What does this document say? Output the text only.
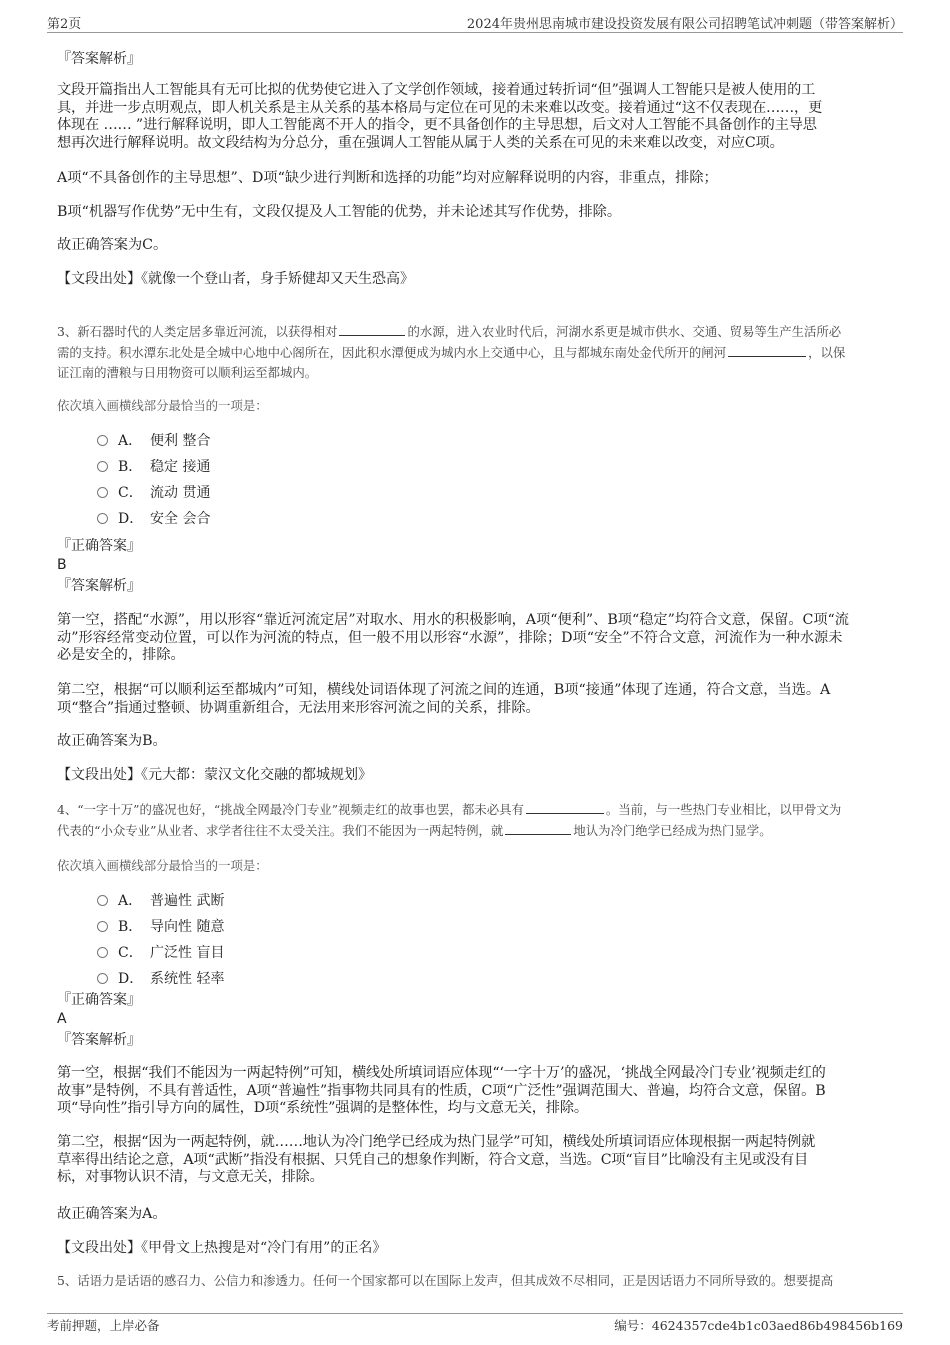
第2页	2024年贵州思南城市建设投资发展有限公司招聘笔试冲刺题（带答案解析）
『答案解析』
文段开篇指出人工智能具有无可比拟的优势使它进入了文学创作领域，接着通过转折词“但”强调人工智能只是被人使用的工
具，并进一步点明观点，即人机关系是主从关系的基本格局与定位在可见的未来难以改变。接着通过“这不仅表现在……，更
体现在 …… ”进行解释说明，即人工智能离不开人的指令，更不具备创作的主导思想，后文对人工智能不具备创作的主导思
想再次进行解释说明。故文段结构为分总分，重在强调人工智能从属于人类的关系在可见的未来难以改变，对应C项。
A项“不具备创作的主导思想”、D项“缺少进行判断和选择的功能”均对应解释说明的内容，非重点，排除；
B项“机器写作优势”无中生有，文段仅提及人工智能的优势，并未论述其写作优势，排除。
故正确答案为C。
【文段出处】《就像一个登山者，身手矫健却又天生恐高》
3、新石器时代的人类定居多靠近河流，以获得相对	的水源，进入农业时代后，河湖水系更是城市供水、交通、贸易等生产生活所必
需的支持。积水潭东北处是全城中心地中心阁所在，因此积水潭便成为城内水上交通中心，且与都城东南处金代所开的闸河	，以保
证江南的漕粮与日用物资可以顺利运至都城内。
依次填入画横线部分最恰当的一项是：
A． 便利 整合
B． 稳定 接通
C． 流动 贯通
D． 安全 会合
『正确答案』
B
『答案解析』
第一空，搭配“水源”，用以形容“靠近河流定居”对取水、用水的积极影响，A项“便利”、B项“稳定”均符合文意，保留。C项“流
动”形容经常变动位置，可以作为河流的特点，但一般不用以形容“水源”，排除；D项“安全”不符合文意，河流作为一种水源未
必是安全的，排除。
第二空，根据“可以顺利运至都城内”可知，横线处词语体现了河流之间的连通，B项“接通”体现了连通，符合文意，当选。A
项“整合”指通过整顿、协调重新组合，无法用来形容河流之间的关系，排除。
故正确答案为B。
【文段出处】《元大都：蒙汉文化交融的都城规划》
4、“一字十万”的盛况也好，“挑战全网最冷门专业”视频走红的故事也罢，都未必具有	。当前，与一些热门专业相比，以甲骨文为
代表的“小众专业”从业者、求学者往往不太受关注。我们不能因为一两起特例，就	地认为冷门绝学已经成为热门显学。
依次填入画横线部分最恰当的一项是：
A． 普遍性 武断
B． 导向性 随意
C． 广泛性 盲目
D． 系统性 轻率
『正确答案』
A
『答案解析』
第一空，根据“我们不能因为一两起特例”可知，横线处所填词语应体现“‘一字十万’的盛况，‘挑战全网最冷门专业’视频走红的
故事”是特例，不具有普适性，A项“普遍性”指事物共同具有的性质，C项“广泛性”强调范围大、普遍，均符合文意，保留。B
项“导向性”指引导方向的属性，D项“系统性”强调的是整体性，均与文意无关，排除。
第二空，根据“因为一两起特例，就……地认为冷门绝学已经成为热门显学”可知，横线处所填词语应体现根据一两起特例就
草率得出结论之意，A项“武断”指没有根据、只凭自己的想象作判断，符合文意，当选。C项“盲目”比喻没有主见或没有目
标，对事物认识不清，与文意无关，排除。
故正确答案为A。
【文段出处】《甲骨文上热搜是对“冷门有用”的正名》
5、话语力是话语的感召力、公信力和渗透力。任何一个国家都可以在国际上发声，但其成效不尽相同，正是因话语力不同所导致的。想要提高
考前押题，上岸必备	编号：4624357cde4b1c03aed86b498456b169
